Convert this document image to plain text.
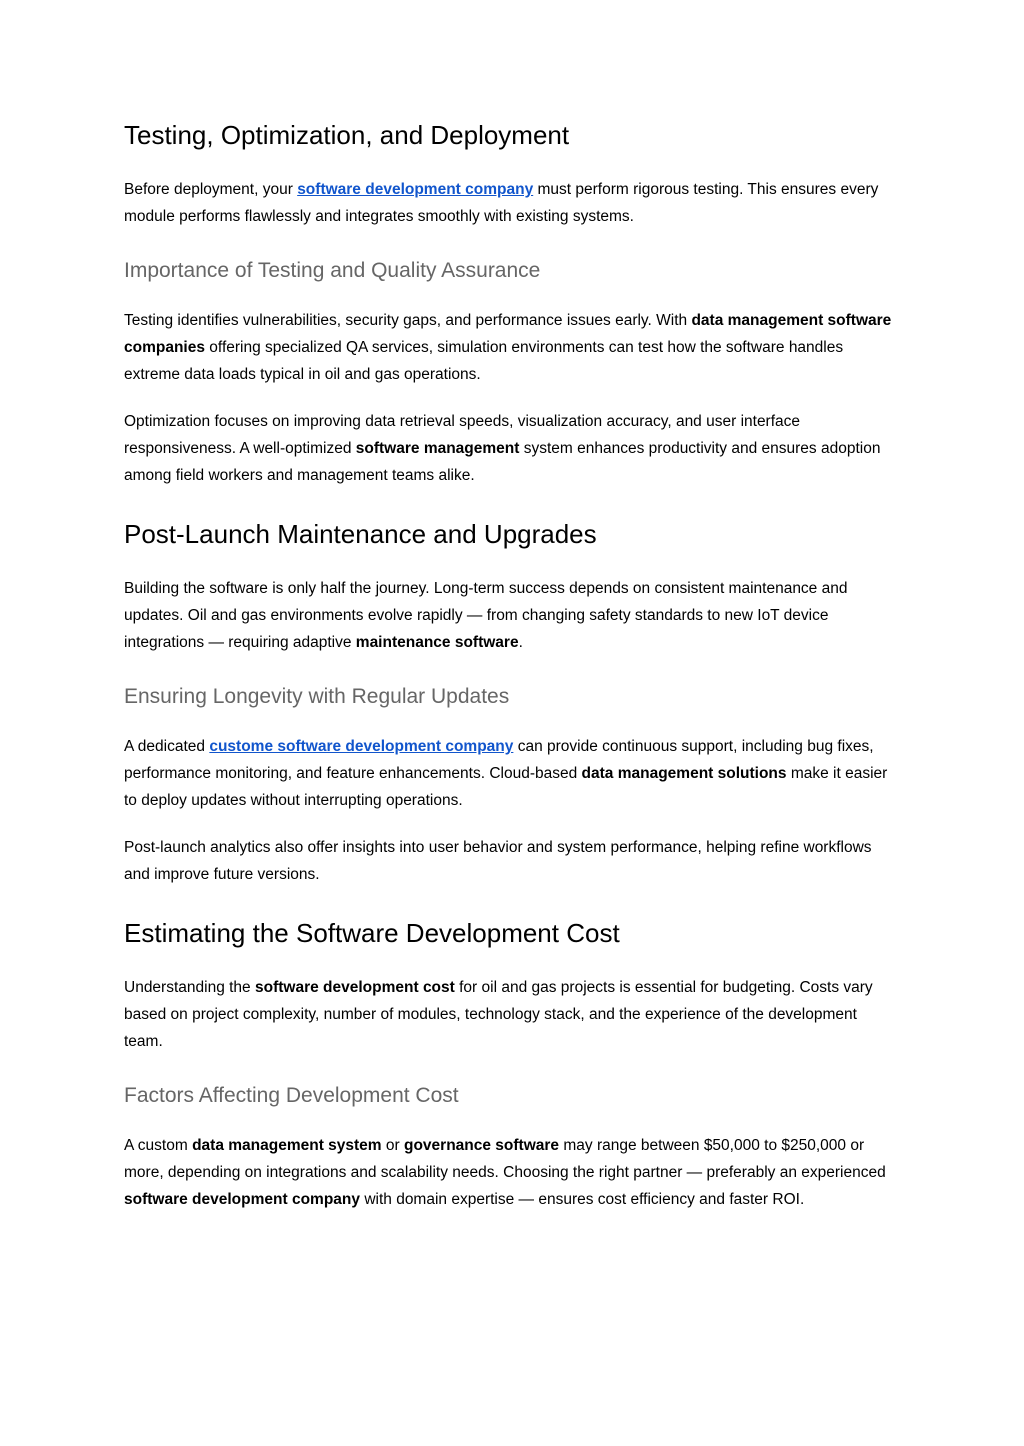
Testing, Optimization, and Deployment

Before deployment, your software development company must perform rigorous testing. This ensures every module performs flawlessly and integrates smoothly with existing systems.

Importance of Testing and Quality Assurance

Testing identifies vulnerabilities, security gaps, and performance issues early. With data management software companies offering specialized QA services, simulation environments can test how the software handles extreme data loads typical in oil and gas operations.

Optimization focuses on improving data retrieval speeds, visualization accuracy, and user interface responsiveness. A well-optimized software management system enhances productivity and ensures adoption among field workers and management teams alike.

Post-Launch Maintenance and Upgrades

Building the software is only half the journey. Long-term success depends on consistent maintenance and updates. Oil and gas environments evolve rapidly — from changing safety standards to new IoT device integrations — requiring adaptive maintenance software.

Ensuring Longevity with Regular Updates

A dedicated custome software development company can provide continuous support, including bug fixes, performance monitoring, and feature enhancements. Cloud-based data management solutions make it easier to deploy updates without interrupting operations.

Post-launch analytics also offer insights into user behavior and system performance, helping refine workflows and improve future versions.

Estimating the Software Development Cost

Understanding the software development cost for oil and gas projects is essential for budgeting. Costs vary based on project complexity, number of modules, technology stack, and the experience of the development team.

Factors Affecting Development Cost

A custom data management system or governance software may range between $50,000 to $250,000 or more, depending on integrations and scalability needs. Choosing the right partner — preferably an experienced software development company with domain expertise — ensures cost efficiency and faster ROI.
